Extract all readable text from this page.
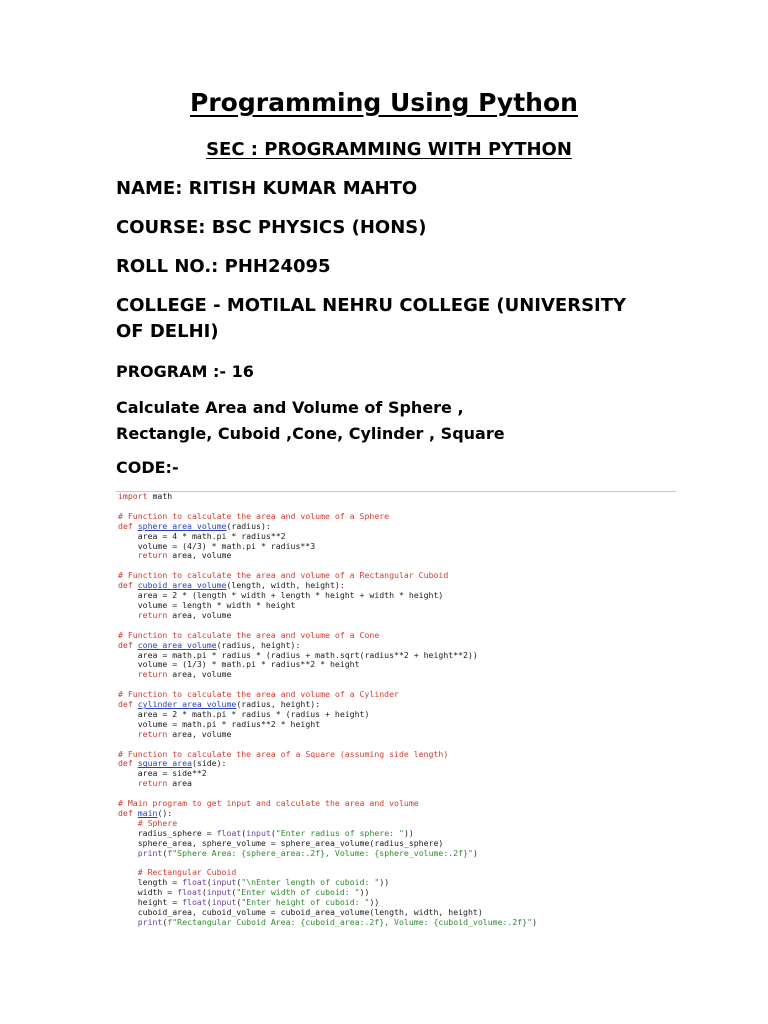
Programming Using Python
SEC : PROGRAMMING WITH PYTHON
NAME: RITISH KUMAR MAHTO
COURSE: BSC PHYSICS (HONS)
ROLL NO.: PHH24095
COLLEGE - MOTILAL NEHRU COLLEGE (UNIVERSITY OF DELHI)
PROGRAM :- 16
Calculate Area and Volume of Sphere , Rectangle, Cuboid ,Cone, Cylinder , Square
CODE:-
import math

# Function to calculate the area and volume of a Sphere
def sphere_area_volume(radius):
area = 4 * math.pi * radius**2
volume = (4/3) * math.pi * radius**3
return area, volume

# Function to calculate the area and volume of a Rectangular Cuboid
def cuboid_area_volume(length, width, height):
area = 2 * (length * width + length * height + width * height)
volume = length * width * height
return area, volume

# Function to calculate the area and volume of a Cone
def cone_area_volume(radius, height):
area = math.pi * radius * (radius + math.sqrt(radius**2 + height**2))
volume = (1/3) * math.pi * radius**2 * height
return area, volume

# Function to calculate the area and volume of a Cylinder
def cylinder_area_volume(radius, height):
area = 2 * math.pi * radius * (radius + height)
volume = math.pi * radius**2 * height
return area, volume

# Function to calculate the area of a Square (assuming side length)
def square_area(side):
area = side**2
return area

# Main program to get input and calculate the area and volume
def main():
# Sphere
radius_sphere = float(input("Enter radius of sphere: "))
sphere_area, sphere_volume = sphere_area_volume(radius_sphere)
print(f"Sphere Area: {sphere_area:.2f}, Volume: {sphere_volume:.2f}")

# Rectangular Cuboid
length = float(input("\nEnter length of cuboid: "))
width = float(input("Enter width of cuboid: "))
height = float(input("Enter height of cuboid: "))
cuboid_area, cuboid_volume = cuboid_area_volume(length, width, height)
print(f"Rectangular Cuboid Area: {cuboid_area:.2f}, Volume: {cuboid_volume:.2f}")
